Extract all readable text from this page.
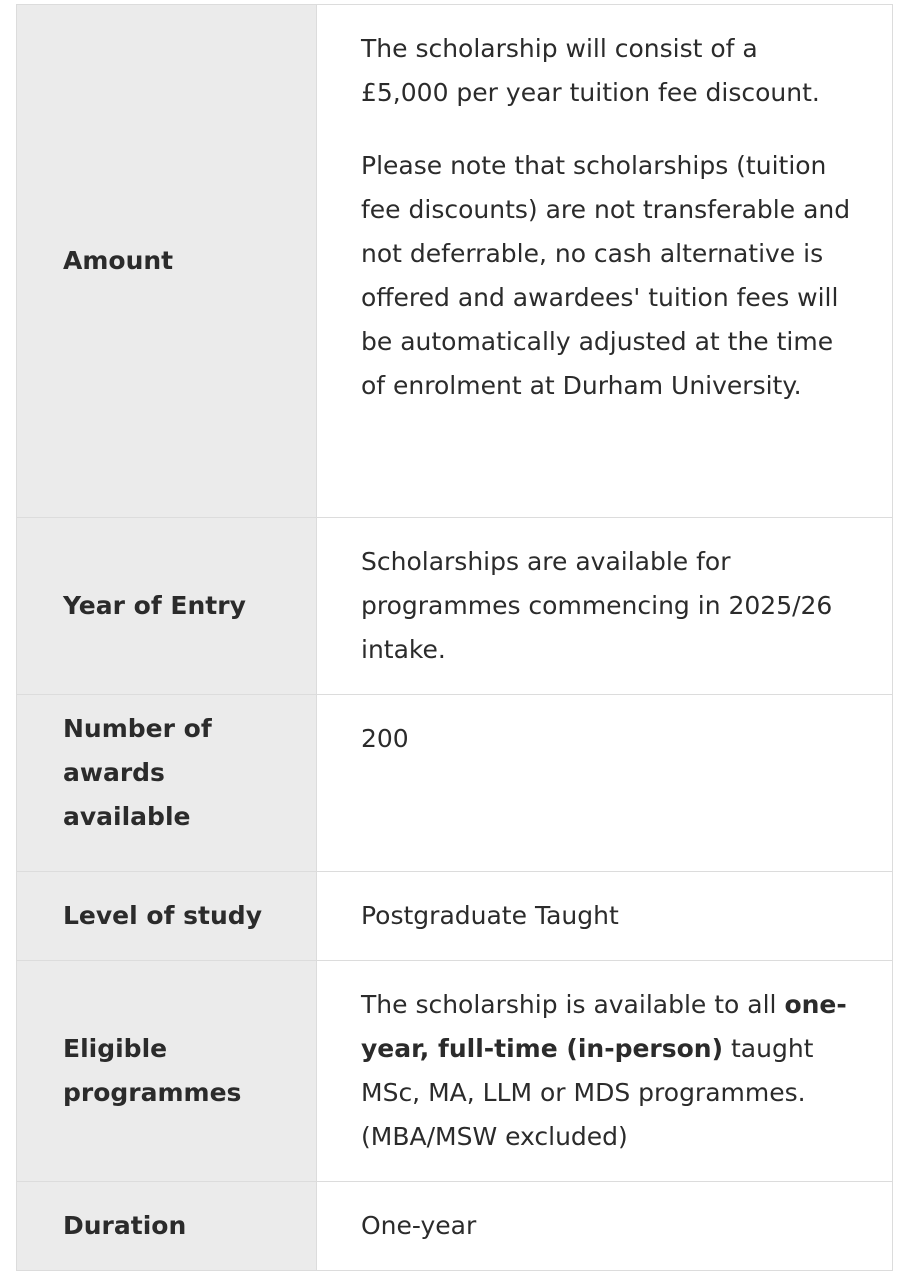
Amount	The scholarship will consist of a £5,000 per year tuition fee discount.

Please note that scholarships (tuition fee discounts) are not transferable and not deferrable, no cash alternative is offered and awardees' tuition fees will be automatically adjusted at the time of enrolment at Durham University.

Year of Entry	Scholarships are available for programmes commencing in 2025/26 intake.
Number of awards available	200
Level of study	Postgraduate Taught
Eligible programmes	The scholarship is available to all one-year, full-time (in-person) taught MSc, MA, LLM or MDS programmes. (MBA/MSW excluded)
Duration	One-year
